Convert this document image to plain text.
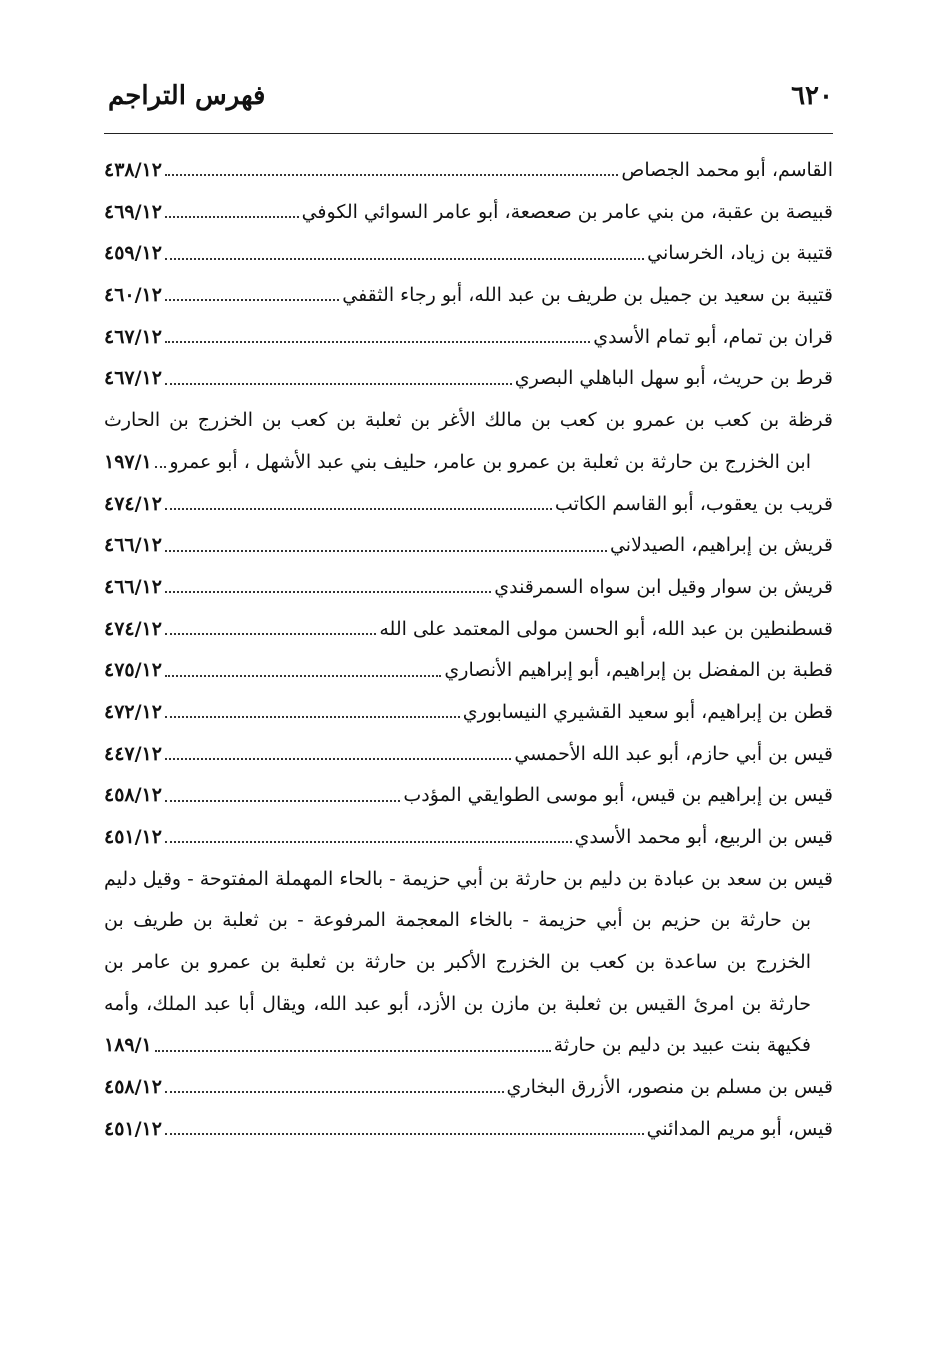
٦٢٠
فهرس التراجم
القاسم، أبو محمد الجصاص
٤٣٨/١٢
قبيصة بن عقبة، من بني عامر بن صعصعة، أبو عامر السوائي الكوفي
٤٦٩/١٢
قتيبة بن زياد، الخرساني
٤٥٩/١٢
قتيبة بن سعيد بن جميل بن طريف بن عبد الله، أبو رجاء الثقفي
٤٦٠/١٢
قران بن تمام، أبو تمام الأسدي
٤٦٧/١٢
قرط بن حريث، أبو سهل الباهلي البصري
٤٦٧/١٢
قرظة بن كعب بن عمرو بن كعب بن مالك الأغر بن ثعلبة بن كعب بن الخزرج بن الحارث
ابن الخزرج بن حارثة بن ثعلبة بن عمرو بن عامر، حليف بني عبد الأشهل ، أبو عمرو
١٩٧/١
قريب بن يعقوب، أبو القاسم الكاتب
٤٧٤/١٢
قريش بن إبراهيم، الصيدلاني
٤٦٦/١٢
قريش بن سوار وقيل ابن سواه السمرقندي
٤٦٦/١٢
قسطنطين بن عبد الله، أبو الحسن مولى المعتمد على الله
٤٧٤/١٢
قطبة بن المفضل بن إبراهيم، أبو إبراهيم الأنصاري
٤٧٥/١٢
قطن بن إبراهيم، أبو سعيد القشيري النيسابوري
٤٧٢/١٢
قيس بن أبي حازم، أبو عبد الله الأحمسي
٤٤٧/١٢
قيس بن إبراهيم بن قيس، أبو موسى الطوايقي المؤدب
٤٥٨/١٢
قيس بن الربيع، أبو محمد الأسدي
٤٥١/١٢
قيس بن سعد بن عبادة بن دليم بن حارثة بن أبي حزيمة - بالحاء المهملة المفتوحة - وقيل دليم
بن حارثة بن حزيم بن أبي حزيمة - بالخاء المعجمة المرفوعة - بن ثعلبة بن طريف بن
الخزرج بن ساعدة بن كعب بن الخزرج الأكبر بن حارثة بن ثعلبة بن عمرو بن عامر بن
حارثة بن امرئ القيس بن ثعلبة بن مازن بن الأزد، أبو عبد الله، ويقال أبا عبد الملك، وأمه
فكيهة بنت عبيد بن دليم بن حارثة
١٨٩/١
قيس بن مسلم بن منصور، الأزرق البخاري
٤٥٨/١٢
قيس، أبو مريم المدائني
٤٥١/١٢
